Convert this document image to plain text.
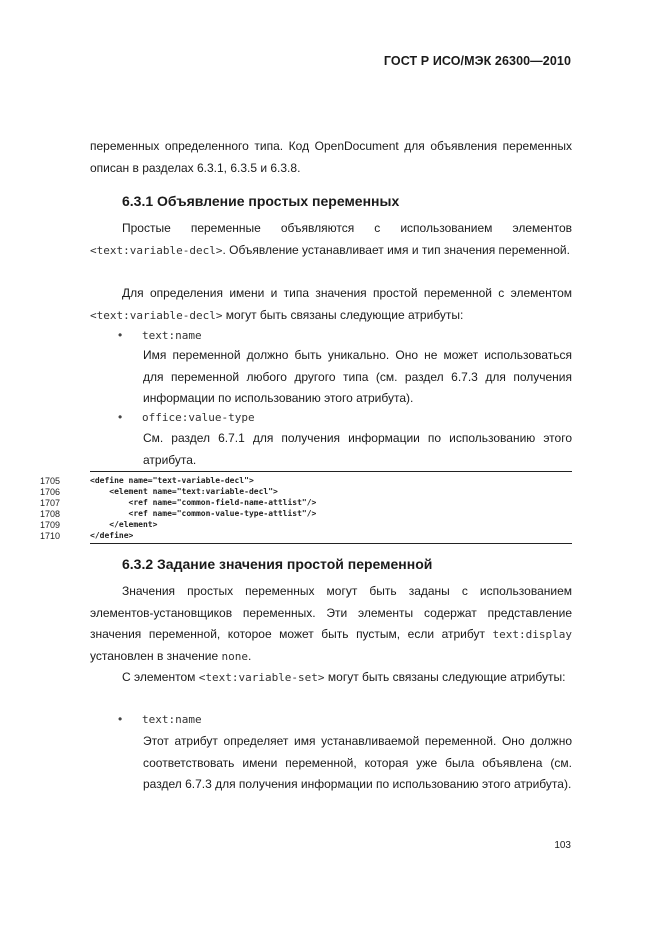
ГОСТ Р ИСО/МЭК 26300—2010

переменных определенного типа. Код OpenDocument для объявления переменных описан в разделах 6.3.1, 6.3.5 и 6.3.8.

6.3.1 Объявление простых переменных

Простые переменные объявляются с использованием элементов <text:variable-decl>. Объявление устанавливает имя и тип значения переменной.

Для определения имени и типа значения простой переменной с элементом <text:variable-decl> могут быть связаны следующие атрибуты:

• text:name

Имя переменной должно быть уникально. Оно не может использоваться для переменной любого другого типа (см. раздел 6.7.3 для получения информации по использованию этого атрибута).

• office:value-type

См. раздел 6.7.1 для получения информации по использованию этого атрибута.

1705	<define name="text-variable-decl">
1706	<element name="text:variable-decl">
1707	<ref name="common-field-name-attlist"/>
1708	<ref name="common-value-type-attlist"/>
1709	</element>
1710	</define>
6.3.2 Задание значения простой переменной

Значения простых переменных могут быть заданы с использованием элементов-установщиков переменных. Эти элементы содержат представление значения переменной, которое может быть пустым, если атрибут text:display установлен в значение none.

С элементом <text:variable-set> могут быть связаны следующие атрибуты:

• text:name

Этот атрибут определяет имя устанавливаемой переменной. Оно должно соответствовать имени переменной, которая уже была объявлена (см. раздел 6.7.3 для получения информации по использованию этого атрибута).

103
